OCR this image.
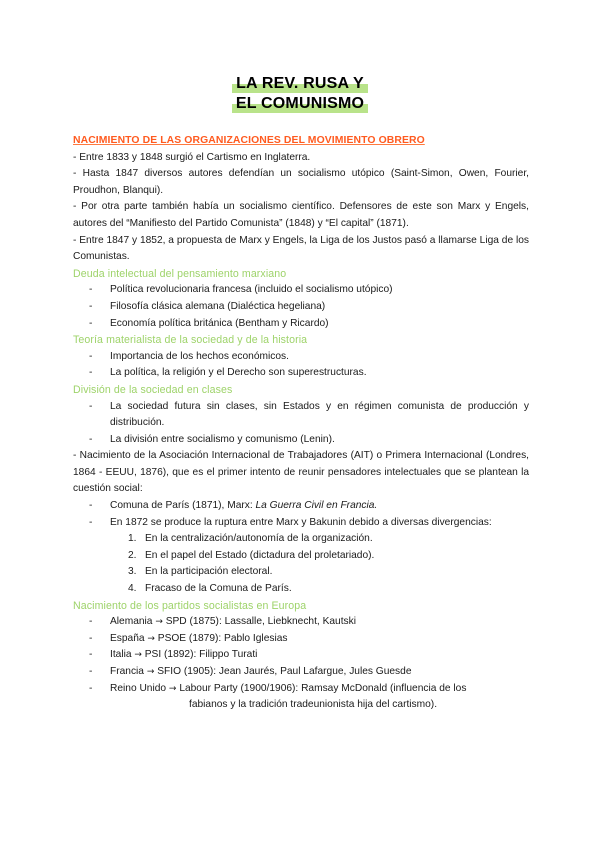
LA REV. RUSA Y
EL COMUNISMO
NACIMIENTO DE LAS ORGANIZACIONES DEL MOVIMIENTO OBRERO
- Entre 1833 y 1848 surgió el Cartismo en Inglaterra.
- Hasta 1847 diversos autores defendían un socialismo utópico (Saint-Simon, Owen, Fourier, Proudhon, Blanqui).
- Por otra parte también había un socialismo científico. Defensores de este son Marx y Engels, autores del “Manifiesto del Partido Comunista” (1848) y “El capital” (1871).
- Entre 1847 y 1852, a propuesta de Marx y Engels, la Liga de los Justos pasó a llamarse Liga de los Comunistas.
Deuda intelectual del pensamiento marxiano
- Política revolucionaria francesa (incluido el socialismo utópico)
- Filosofía clásica alemana (Dialéctica hegeliana)
- Economía política británica (Bentham y Ricardo)
Teoría materialista de la sociedad y de la historia
- Importancia de los hechos económicos.
- La política, la religión y el Derecho son superestructuras.
División de la sociedad en clases
- La sociedad futura sin clases, sin Estados y en régimen comunista de producción y distribución.
- La división entre socialismo y comunismo (Lenin).
- Nacimiento de la Asociación Internacional de Trabajadores (AIT) o Primera Internacional (Londres, 1864 - EEUU, 1876), que es el primer intento de reunir pensadores intelectuales que se plantean la cuestión social:
- Comuna de París (1871), Marx: La Guerra Civil en Francia.
- En 1872 se produce la ruptura entre Marx y Bakunin debido a diversas divergencias:
1. En la centralización/autonomía de la organización.
2. En el papel del Estado (dictadura del proletariado).
3. En la participación electoral.
4. Fracaso de la Comuna de París.
Nacimiento de los partidos socialistas en Europa
- Alemania → SPD (1875): Lassalle, Liebknecht, Kautski
- España → PSOE (1879): Pablo Iglesias
- Italia → PSI (1892): Filippo Turati
- Francia → SFIO (1905): Jean Jaurés, Paul Lafargue, Jules Guesde
- Reino Unido → Labour Party (1900/1906): Ramsay McDonald (influencia de los
fabianos y la tradición tradeunionista hija del cartismo).
